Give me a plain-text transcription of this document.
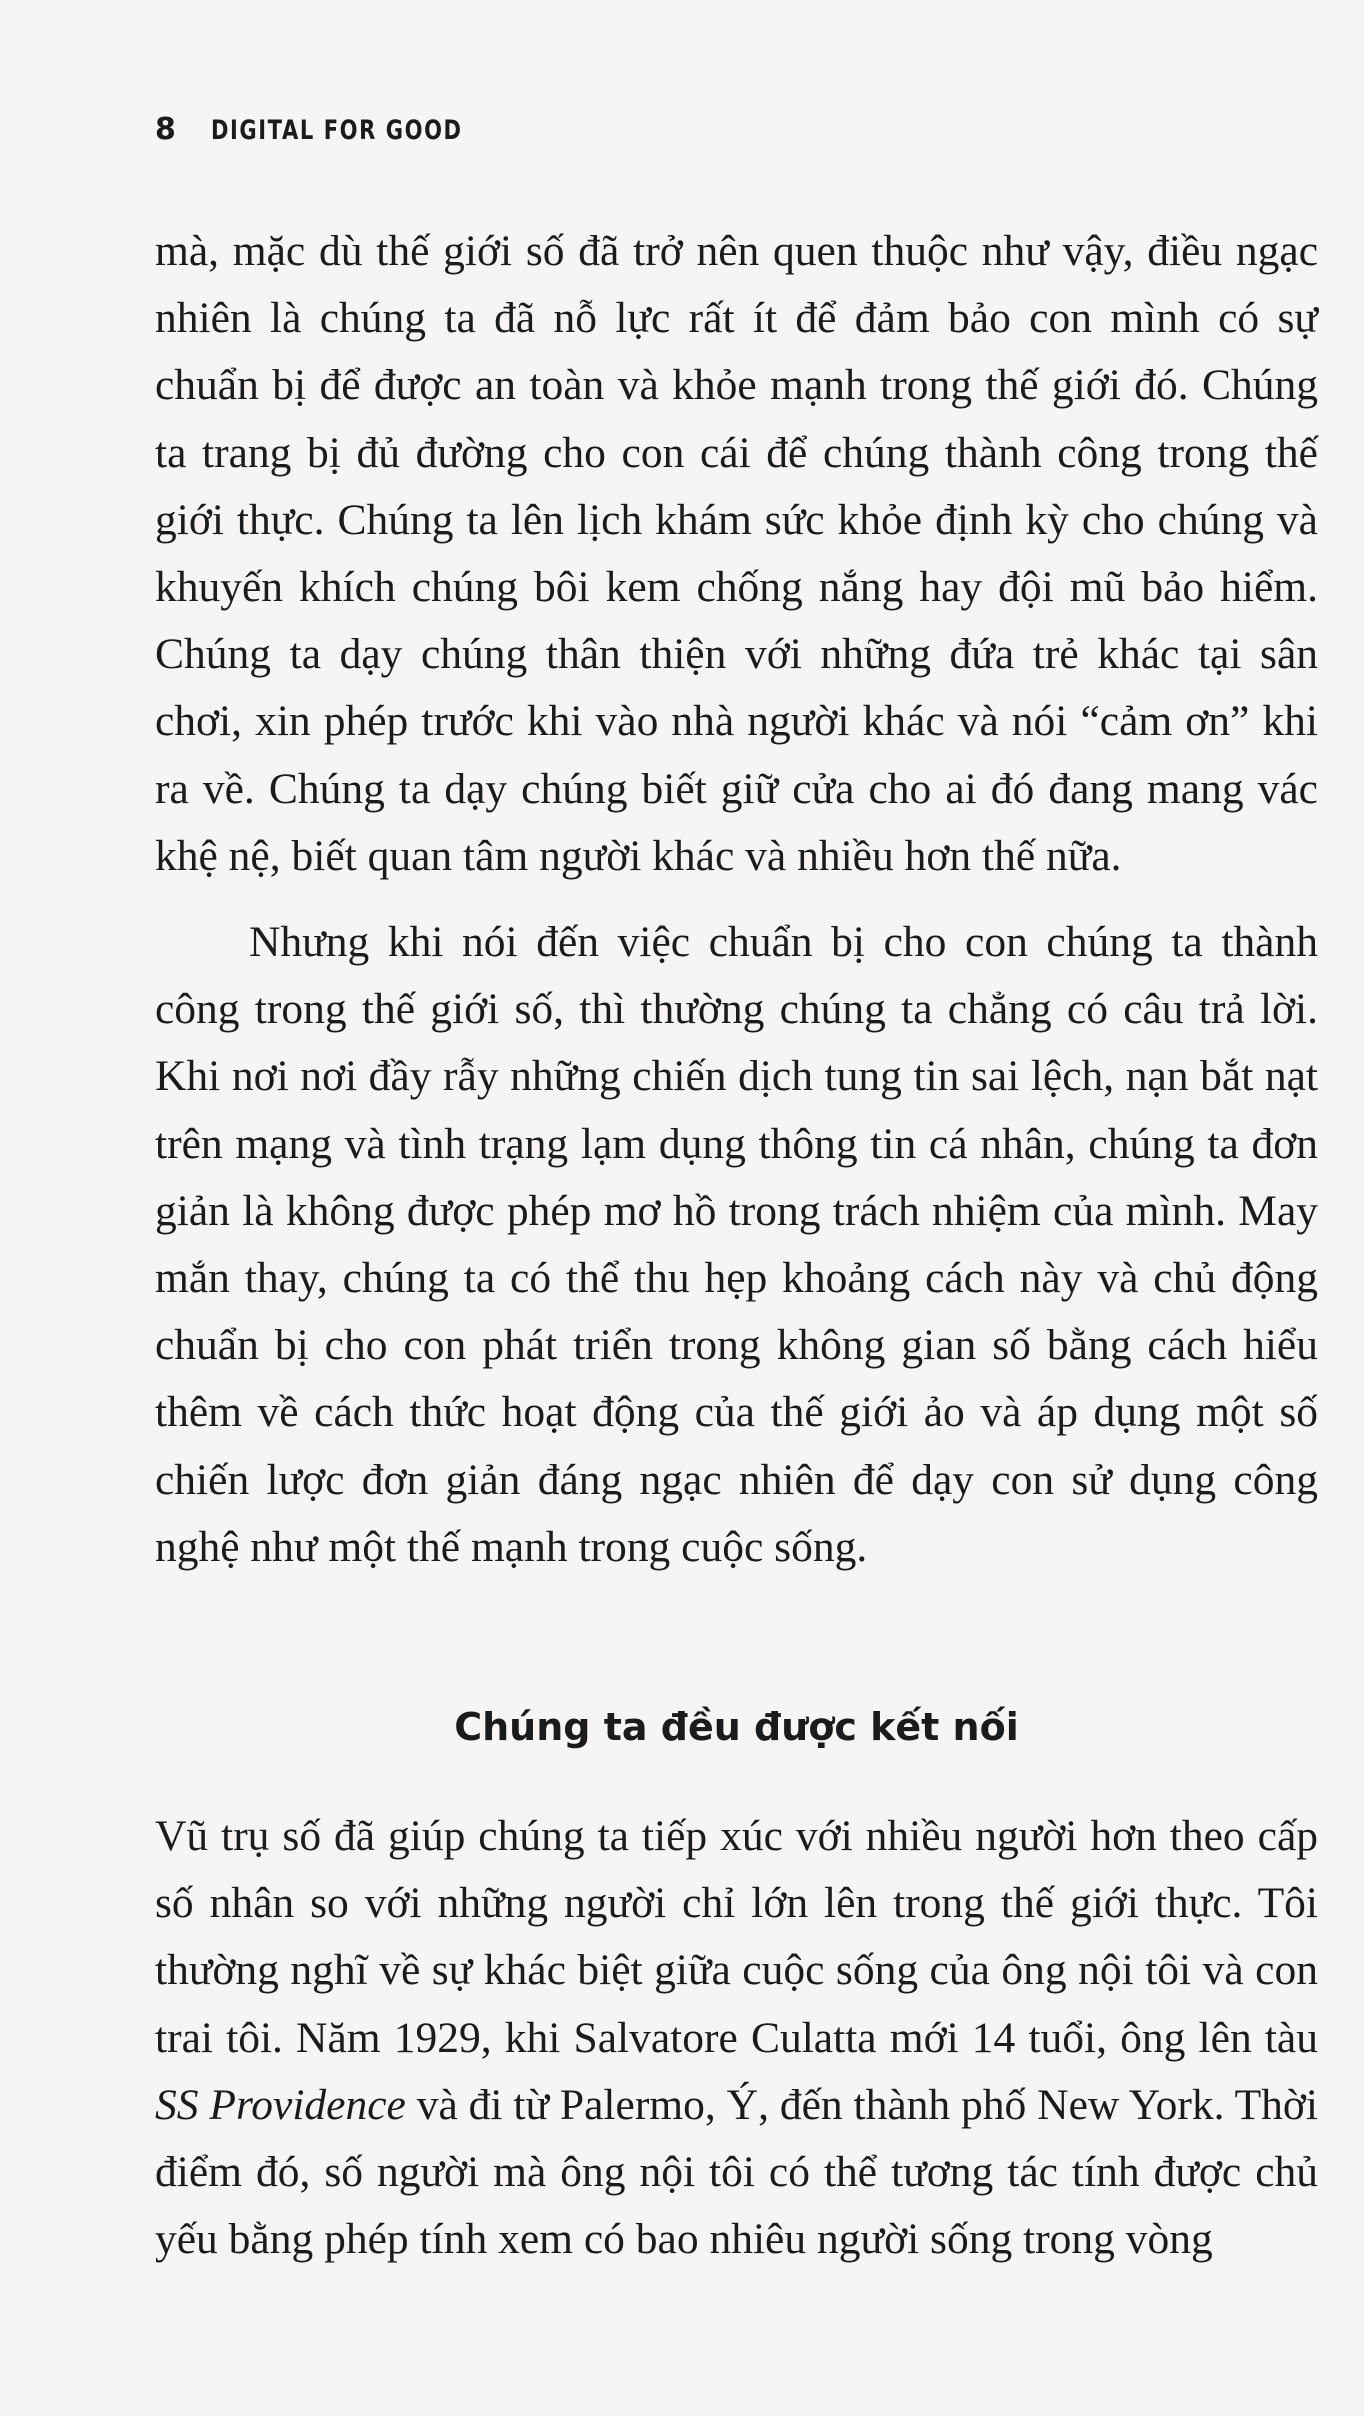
8 DIGITAL FOR GOOD

mà, mặc dù thế giới số đã trở nên quen thuộc như vậy, điều ngạc nhiên là chúng ta đã nỗ lực rất ít để đảm bảo con mình có sự chuẩn bị để được an toàn và khỏe mạnh trong thế giới đó. Chúng ta trang bị đủ đường cho con cái để chúng thành công trong thế giới thực. Chúng ta lên lịch khám sức khỏe định kỳ cho chúng và khuyến khích chúng bôi kem chống nắng hay đội mũ bảo hiểm. Chúng ta dạy chúng thân thiện với những đứa trẻ khác tại sân chơi, xin phép trước khi vào nhà người khác và nói “cảm ơn” khi ra về. Chúng ta dạy chúng biết giữ cửa cho ai đó đang mang vác khệ nệ, biết quan tâm người khác và nhiều hơn thế nữa.

Nhưng khi nói đến việc chuẩn bị cho con chúng ta thành công trong thế giới số, thì thường chúng ta chẳng có câu trả lời. Khi nơi nơi đầy rẫy những chiến dịch tung tin sai lệch, nạn bắt nạt trên mạng và tình trạng lạm dụng thông tin cá nhân, chúng ta đơn giản là không được phép mơ hồ trong trách nhiệm của mình. May mắn thay, chúng ta có thể thu hẹp khoảng cách này và chủ động chuẩn bị cho con phát triển trong không gian số bằng cách hiểu thêm về cách thức hoạt động của thế giới ảo và áp dụng một số chiến lược đơn giản đáng ngạc nhiên để dạy con sử dụng công nghệ như một thế mạnh trong cuộc sống.

Chúng ta đều được kết nối

Vũ trụ số đã giúp chúng ta tiếp xúc với nhiều người hơn theo cấp số nhân so với những người chỉ lớn lên trong thế giới thực. Tôi thường nghĩ về sự khác biệt giữa cuộc sống của ông nội tôi và con trai tôi. Năm 1929, khi Salvatore Culatta mới 14 tuổi, ông lên tàu SS Providence và đi từ Palermo, Ý, đến thành phố New York. Thời điểm đó, số người mà ông nội tôi có thể tương tác tính được chủ yếu bằng phép tính xem có bao nhiêu người sống trong vòng
